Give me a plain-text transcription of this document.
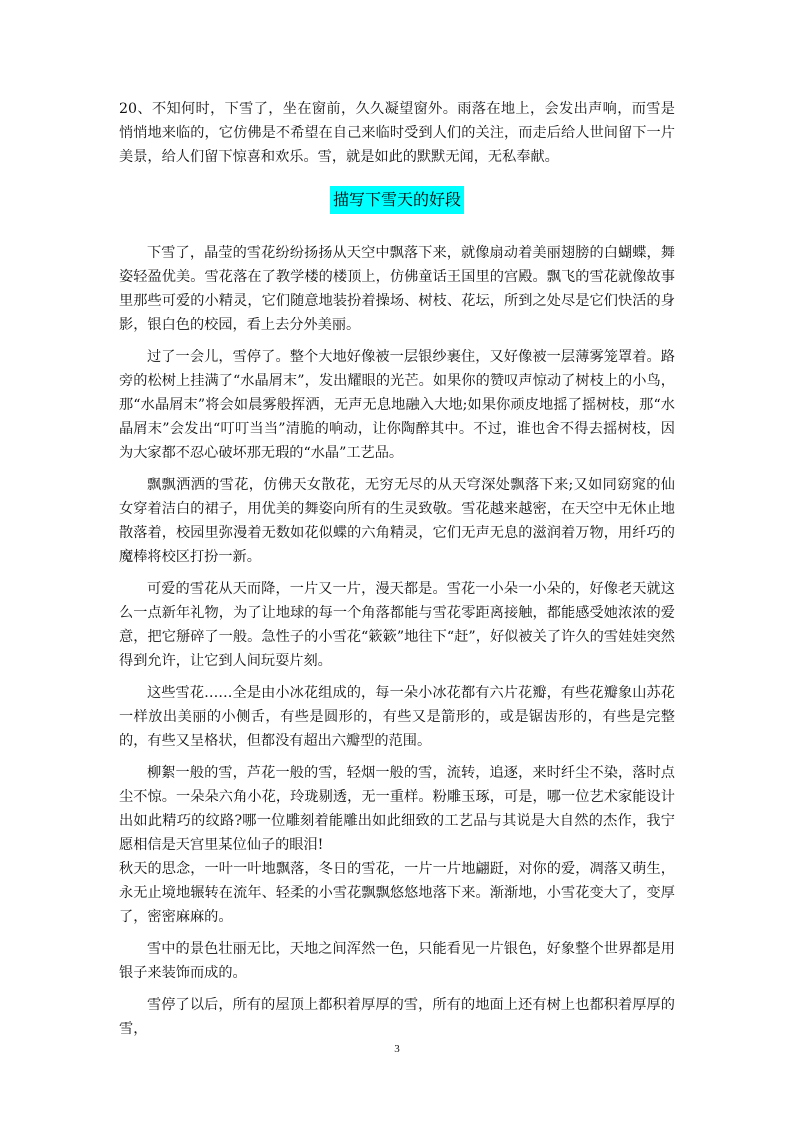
20、不知何时，下雪了，坐在窗前，久久凝望窗外。雨落在地上，会发出声响，而雪是悄悄地来临的，它仿佛是不希望在自己来临时受到人们的关注，而走后给人世间留下一片美景，给人们留下惊喜和欢乐。雪，就是如此的默默无闻，无私奉献。

描写下雪天的好段

下雪了，晶莹的雪花纷纷扬扬从天空中飘落下来，就像扇动着美丽翅膀的白蝴蝶，舞姿轻盈优美。雪花落在了教学楼的楼顶上，仿佛童话王国里的宫殿。飘飞的雪花就像故事里那些可爱的小精灵，它们随意地装扮着操场、树枝、花坛，所到之处尽是它们快活的身影，银白色的校园，看上去分外美丽。

过了一会儿，雪停了。整个大地好像被一层银纱裹住，又好像被一层薄雾笼罩着。路旁的松树上挂满了“水晶屑末”，发出耀眼的光芒。如果你的赞叹声惊动了树枝上的小鸟，那“水晶屑末”将会如晨雾般挥洒，无声无息地融入大地;如果你顽皮地摇了摇树枝，那“水晶屑末”会发出“叮叮当当”清脆的响动，让你陶醉其中。不过，谁也舍不得去摇树枝，因为大家都不忍心破坏那无瑕的“水晶”工艺品。

飘飘洒洒的雪花，仿佛天女散花，无穷无尽的从天穹深处飘落下来;又如同窈窕的仙女穿着洁白的裙子，用优美的舞姿向所有的生灵致敬。雪花越来越密，在天空中无休止地散落着，校园里弥漫着无数如花似蝶的六角精灵，它们无声无息的滋润着万物，用纤巧的魔棒将校区打扮一新。

可爱的雪花从天而降，一片又一片，漫天都是。雪花一小朵一小朵的，好像老天就这么一点新年礼物，为了让地球的每一个角落都能与雪花零距离接触，都能感受她浓浓的爱意，把它掰碎了一般。急性子的小雪花“簌簌”地往下“赶”，好似被关了许久的雪娃娃突然得到允许，让它到人间玩耍片刻。

这些雪花……全是由小冰花组成的，每一朵小冰花都有六片花瓣，有些花瓣象山苏花一样放出美丽的小侧舌，有些是圆形的，有些又是箭形的，或是锯齿形的，有些是完整的，有些又呈格状，但都没有超出六瓣型的范围。

柳絮一般的雪，芦花一般的雪，轻烟一般的雪，流转，追逐，来时纤尘不染，落时点尘不惊。一朵朵六角小花，玲珑剔透，无一重样。粉雕玉琢，可是，哪一位艺术家能设计出如此精巧的纹路?哪一位雕刻着能雕出如此细致的工艺品与其说是大自然的杰作，我宁愿相信是天宫里某位仙子的眼泪!

秋天的思念，一叶一叶地飘落，冬日的雪花，一片一片地翩跹，对你的爱，凋落又萌生，永无止境地辗转在流年、轻柔的小雪花飘飘悠悠地落下来。渐渐地，小雪花变大了，变厚了，密密麻麻的。

雪中的景色壮丽无比，天地之间浑然一色，只能看见一片银色，好象整个世界都是用银子来装饰而成的。

雪停了以后，所有的屋顶上都积着厚厚的雪，所有的地面上还有树上也都积着厚厚的雪，

3
